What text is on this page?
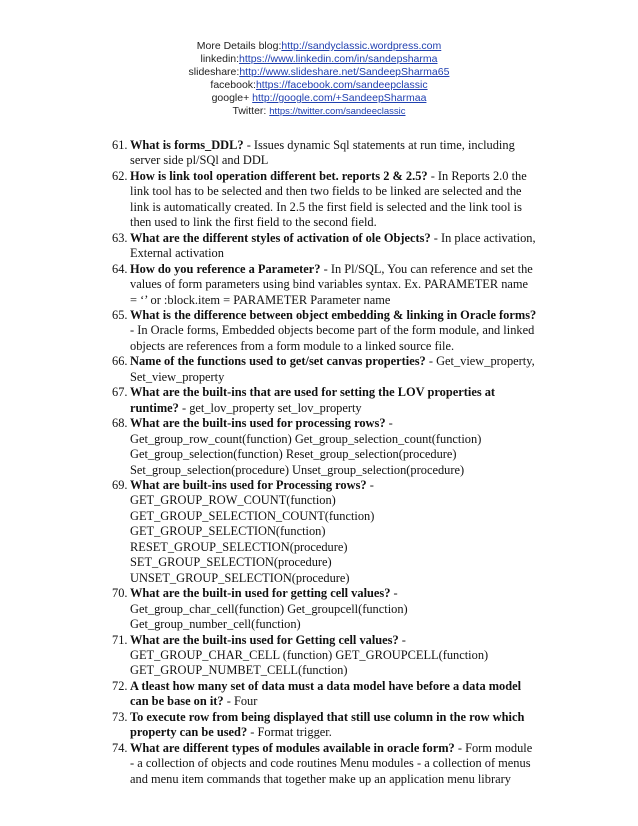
More Details blog:http://sandyclassic.wordpress.com
linkedin:https://www.linkedin.com/in/sandepsharma
slideshare:http://www.slideshare.net/SandeepSharma65
facebook:https://facebook.com/sandeepclassic
google+ http://google.com/+SandeepSharmaa
Twitter: https://twitter.com/sandeeclassic
61. What is forms_DDL? - Issues dynamic Sql statements at run time, including
server side pl/SQl and DDL
62. How is link tool operation different bet. reports 2 & 2.5? - In Reports 2.0 the
link tool has to be selected and then two fields to be linked are selected and the
link is automatically created. In 2.5 the first field is selected and the link tool is
then used to link the first field to the second field.
63. What are the different styles of activation of ole Objects? - In place activation,
External activation
64. How do you reference a Parameter? - In Pl/SQL, You can reference and set the
values of form parameters using bind variables syntax. Ex. PARAMETER name
= ‘’ or :block.item = PARAMETER Parameter name
65. What is the difference between object embedding & linking in Oracle forms?
- In Oracle forms, Embedded objects become part of the form module, and linked
objects are references from a form module to a linked source file.
66. Name of the functions used to get/set canvas properties? - Get_view_property,
Set_view_property
67. What are the built-ins that are used for setting the LOV properties at
runtime? - get_lov_property set_lov_property
68. What are the built-ins used for processing rows? -
Get_group_row_count(function) Get_group_selection_count(function)
Get_group_selection(function) Reset_group_selection(procedure)
Set_group_selection(procedure) Unset_group_selection(procedure)
69. What are built-ins used for Processing rows? -
GET_GROUP_ROW_COUNT(function)
GET_GROUP_SELECTION_COUNT(function)
GET_GROUP_SELECTION(function)
RESET_GROUP_SELECTION(procedure)
SET_GROUP_SELECTION(procedure)
UNSET_GROUP_SELECTION(procedure)
70. What are the built-in used for getting cell values? -
Get_group_char_cell(function) Get_groupcell(function)
Get_group_number_cell(function)
71. What are the built-ins used for Getting cell values? -
GET_GROUP_CHAR_CELL (function) GET_GROUPCELL(function)
GET_GROUP_NUMBET_CELL(function)
72. A tleast how many set of data must a data model have before a data model
can be base on it? - Four
73. To execute row from being displayed that still use column in the row which
property can be used? - Format trigger.
74. What are different types of modules available in oracle form? - Form module
- a collection of objects and code routines Menu modules - a collection of menus
and menu item commands that together make up an application menu library
